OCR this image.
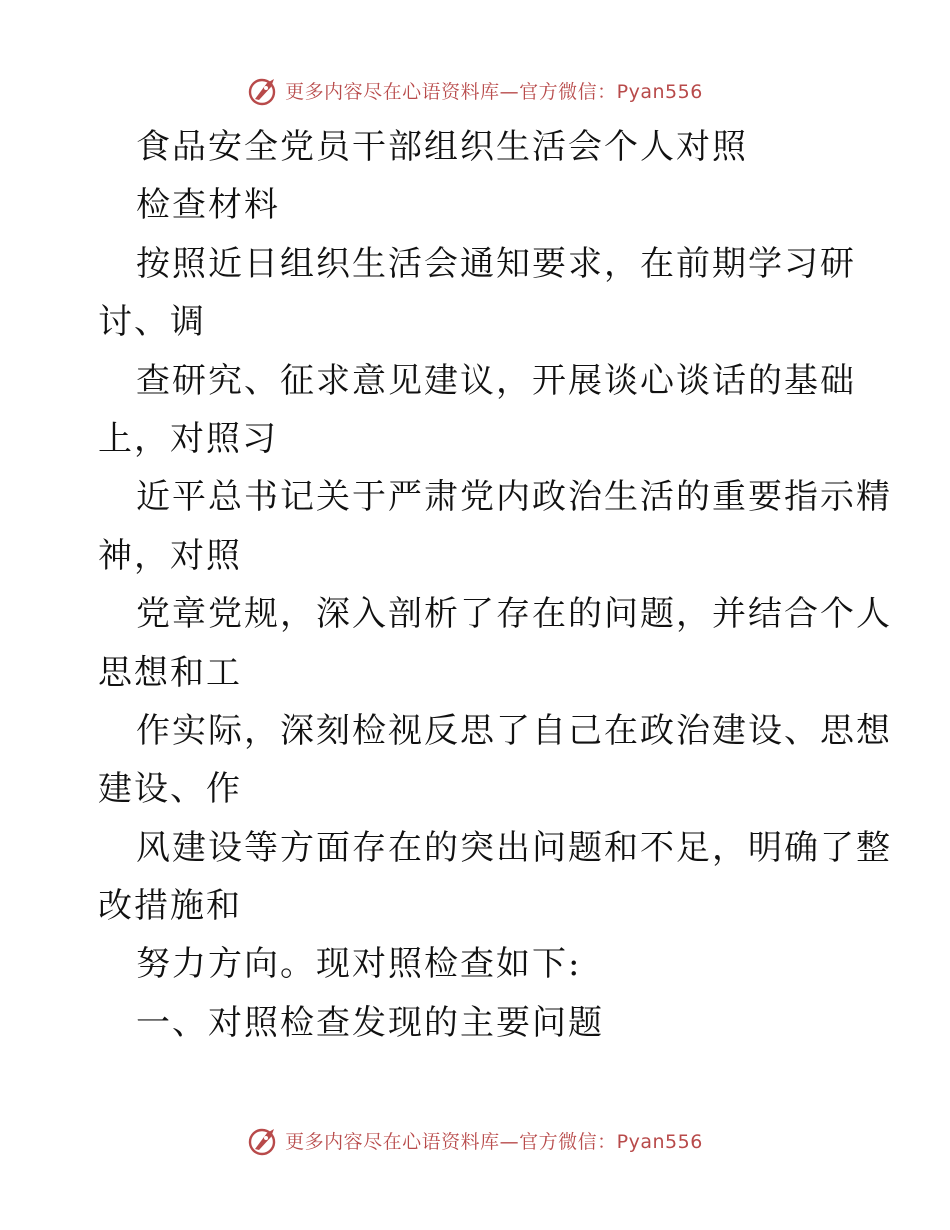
更多内容尽在心语资料库—官方微信：Pyan556
食品安全党员干部组织生活会个人对照
检查材料
按照近日组织生活会通知要求，在前期学习研
讨、调
查研究、征求意见建议，开展谈心谈话的基础
上，对照习
近平总书记关于严肃党内政治生活的重要指示精
神，对照
党章党规，深入剖析了存在的问题，并结合个人
思想和工
作实际，深刻检视反思了自己在政治建设、思想
建设、作
风建设等方面存在的突出问题和不足，明确了整
改措施和
努力方向。现对照检查如下:
一、对照检查发现的主要问题
更多内容尽在心语资料库—官方微信：Pyan556
